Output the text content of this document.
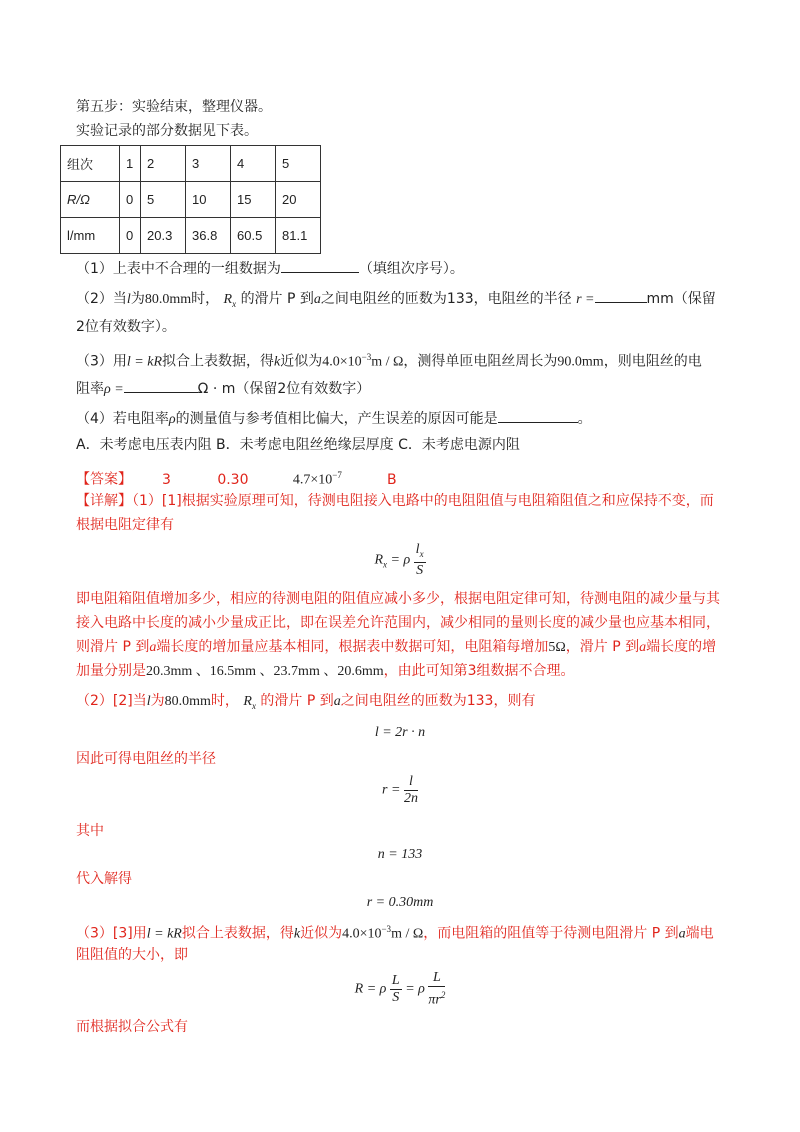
第五步：实验结束，整理仪器。
实验记录的部分数据见下表。
组次	1	2	3	4	5
R/Ω	0	5	10	15	20
l/mm	0	20.3	36.8	60.5	81.1
（1）上表中不合理的一组数据为	（填组次序号）。
（2）当l为80.0mm时， $R_x$ 的滑片 P 到a之间电阻丝的匝数为133，电阻丝的半径 r =	mm（保留
2位有效数字）。
（3）用l = kR拟合上表数据，得k近似为$4.0\times 10^{-3}m / \Omega$，测得单匝电阻丝周长为90.0mm，则电阻丝的电
阻率ρ =	Ω · m（保留2位有效数字）
（4）若电阻率ρ的测量值与参考值相比偏大，产生误差的原因可能是	。
A．未考虑电压表内阻 B．未考虑电阻丝绝缘层厚度 C．未考虑电源内阻
【答案】 3	0.30	$4.7\times 10^{-7}$	B
【详解】（1）[1]根据实验原理可知，待测电阻接入电路中的电阻阻值与电阻箱阻值之和应保持不变，而
根据电阻定律有
$R_x = \rho \frac{l_x}{S}$
即电阻箱阻值增加多少，相应的待测电阻的阻值应减小多少，根据电阻定律可知，待测电阻的减少量与其
接入电路中长度的减小少量成正比，即在误差允许范围内，减少相同的量则长度的减少量也应基本相同，
则滑片 P 到a端长度的增加量应基本相同，根据表中数据可知，电阻箱每增加5Ω，滑片 P 到a端长度的增
加量分别是20.3mm 、16.5mm 、23.7mm 、20.6mm，由此可知第3组数据不合理。
（2）[2]当l为80.0mm时， $R_x$ 的滑片 P 到a之间电阻丝的匝数为133，则有
l = 2r · n
因此可得电阻丝的半径
$r = \frac{l}{2n}$
其中
n = 133
代入解得
r = 0.30mm
（3）[3]用l = kR拟合上表数据，得k近似为$4.0\times 10^{-3}m / \Omega$，而电阻箱的阻值等于待测电阻滑片 P 到a端电
阻阻值的大小，即
R = ρ $\frac{L}{S} = \rho \frac{L}{\pi r^2}$
而根据拟合公式有
